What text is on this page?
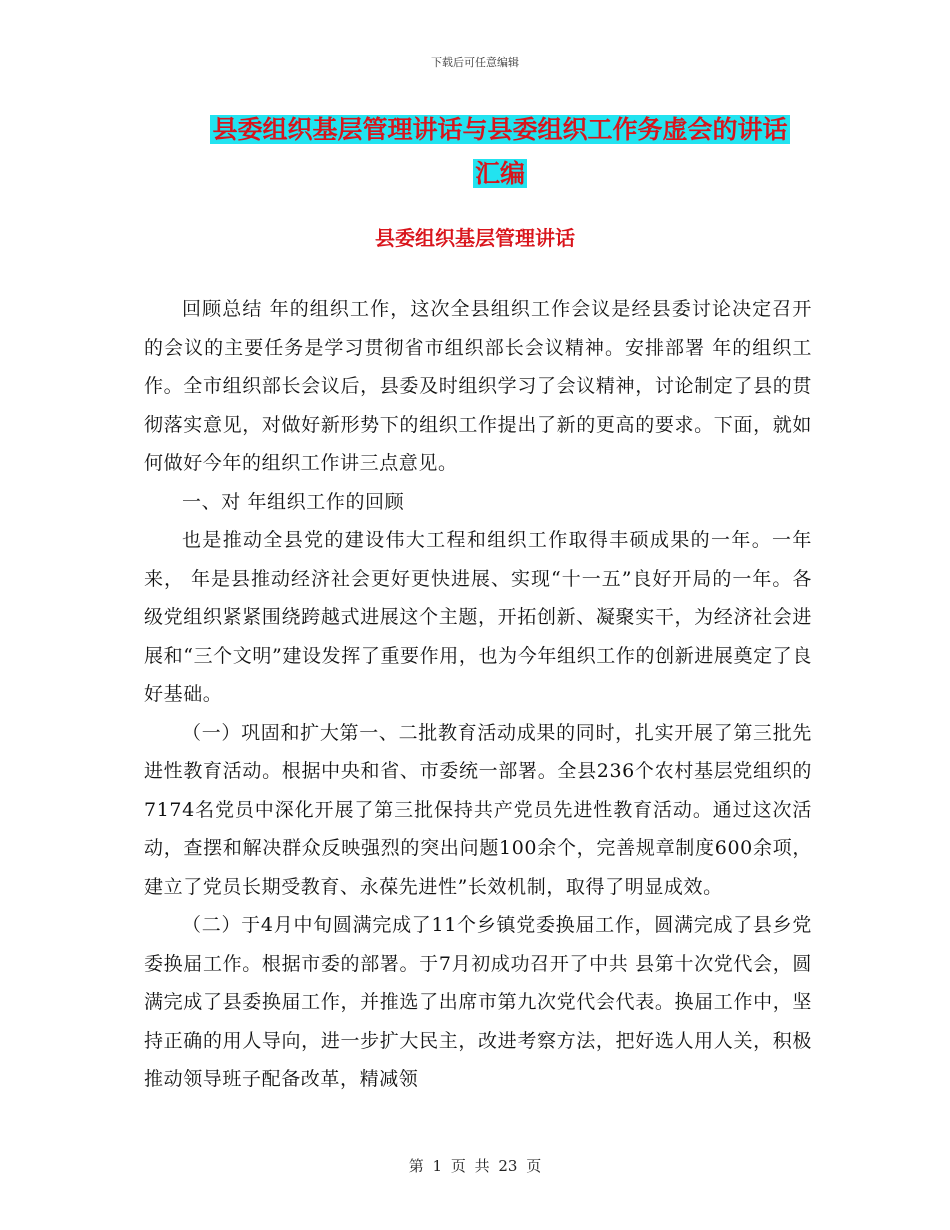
下载后可任意编辑
县委组织基层管理讲话与县委组织工作务虚会的讲话
汇编
县委组织基层管理讲话

回顾总结 年的组织工作，这次全县组织工作会议是经县委讨论决定召开的会议的主要任务是学习贯彻省市组织部长会议精神。安排部署 年的组织工作。全市组织部长会议后，县委及时组织学习了会议精神，讨论制定了县的贯彻落实意见，对做好新形势下的组织工作提出了新的更高的要求。下面，就如何做好今年的组织工作讲三点意见。

一、对 年组织工作的回顾

也是推动全县党的建设伟大工程和组织工作取得丰硕成果的一年。一年来， 年是县推动经济社会更好更快进展、实现“十一五”良好开局的一年。各级党组织紧紧围绕跨越式进展这个主题，开拓创新、凝聚实干，为经济社会进展和“三个文明”建设发挥了重要作用，也为今年组织工作的创新进展奠定了良好基础。

（一）巩固和扩大第一、二批教育活动成果的同时，扎实开展了第三批先进性教育活动。根据中央和省、市委统一部署。全县236个农村基层党组织的7174名党员中深化开展了第三批保持共产党员先进性教育活动。通过这次活动，查摆和解决群众反映强烈的突出问题100余个，完善规章制度600余项，建立了党员长期受教育、永葆先进性”长效机制，取得了明显成效。

（二）于4月中旬圆满完成了11个乡镇党委换届工作，圆满完成了县乡党委换届工作。根据市委的部署。于7月初成功召开了中共 县第十次党代会，圆满完成了县委换届工作，并推选了出席市第九次党代会代表。换届工作中，坚持正确的用人导向，进一步扩大民主，改进考察方法，把好选人用人关，积极推动领导班子配备改革，精减领

第 1 页 共 23 页
